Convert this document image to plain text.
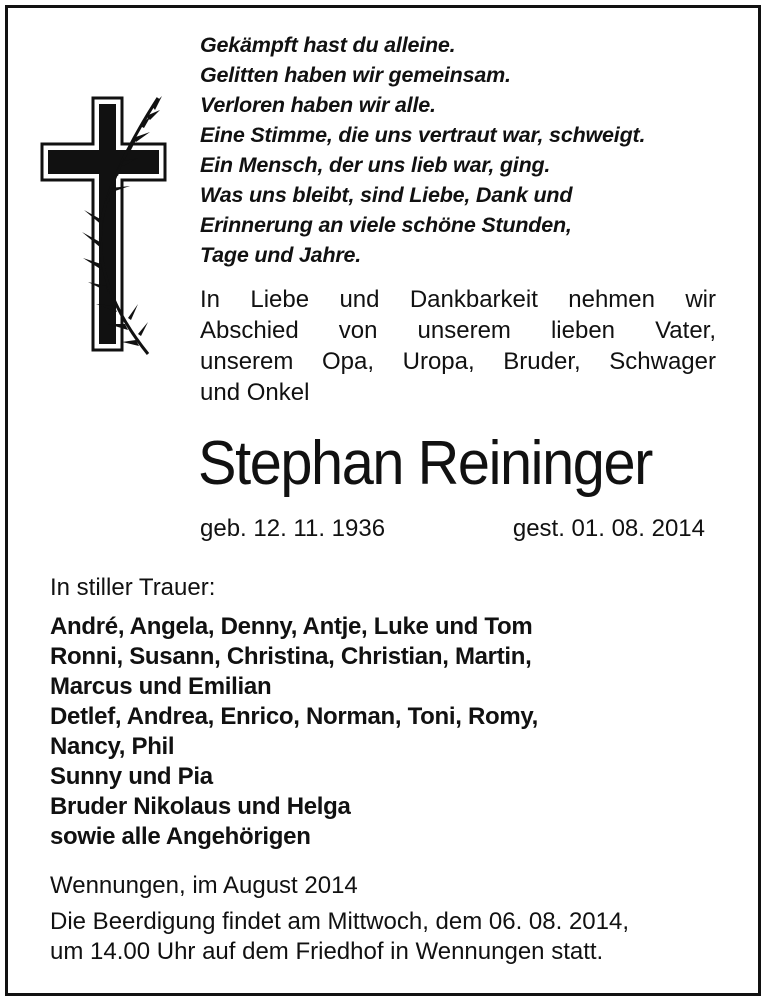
Gekämpft hast du alleine.
Gelitten haben wir gemeinsam.
Verloren haben wir alle.
Eine Stimme, die uns vertraut war, schweigt.
Ein Mensch, der uns lieb war, ging.
Was uns bleibt, sind Liebe, Dank und
Erinnerung an viele schöne Stunden,
Tage und Jahre.
In Liebe und Dankbarkeit nehmen wir
Abschied von unserem lieben Vater,
unserem Opa, Uropa, Bruder, Schwager
und Onkel
Stephan Reininger
geb. 12. 11. 1936	gest. 01. 08. 2014
In stiller Trauer:
André, Angela, Denny, Antje, Luke und Tom
Ronni, Susann, Christina, Christian, Martin,
Marcus und Emilian
Detlef, Andrea, Enrico, Norman, Toni, Romy,
Nancy, Phil
Sunny und Pia
Bruder Nikolaus und Helga
sowie alle Angehörigen
Wennungen, im August 2014
Die Beerdigung findet am Mittwoch, dem 06. 08. 2014,
um 14.00 Uhr auf dem Friedhof in Wennungen statt.
